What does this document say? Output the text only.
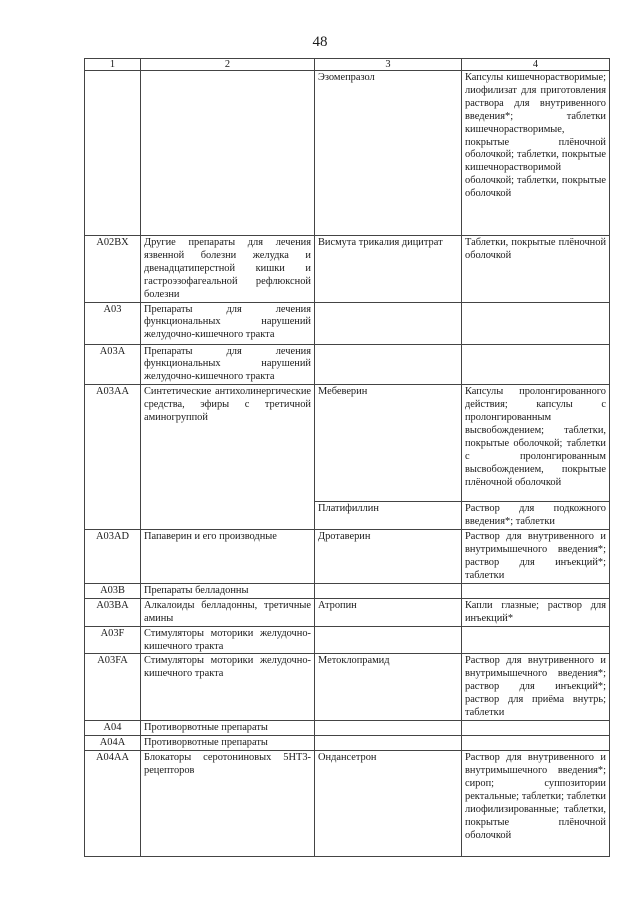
48
1	2	3	4
		Эзомепразол	Капсулы кишечнорастворимые; лиофилизат для приготовления раствора для внутривенного введения*; таблетки кишечнорастворимые, покрытые плёночной оболочкой; таблетки, покрытые кишечнорастворимой оболочкой; таблетки, покрытые оболочкой
A02BX	Другие препараты для лечения язвенной болезни желудка и двенадцатиперстной кишки и гастроэзофагеальной рефлюксной болезни	Висмута трикалия дицитрат	Таблетки, покрытые плёночной оболочкой
A03	Препараты для лечения функциональных нарушений желудочно-кишечного тракта		
A03A	Препараты для лечения функциональных нарушений желудочно-кишечного тракта		
A03AA	Синтетические антихолинергические средства, эфиры с третичной аминогруппой	Мебеверин	Капсулы пролонгированного действия; капсулы с пролонгированным высвобождением; таблетки, покрытые оболочкой; таблетки с пролонгированным высвобождением, покрытые плёночной оболочкой
		Платифиллин	Раствор для подкожного введения*; таблетки
A03AD	Папаверин и его производные	Дротаверин	Раствор для внутривенного и внутримышечного введения*; раствор для инъекций*; таблетки
A03B	Препараты белладонны		
A03BA	Алкалоиды белладонны, третичные амины	Атропин	Капли глазные; раствор для инъекций*
A03F	Стимуляторы моторики желудочно-кишечного тракта		
A03FA	Стимуляторы моторики желудочно-кишечного тракта	Метоклопрамид	Раствор для внутривенного и внутримышечного введения*; раствор для инъекций*; раствор для приёма внутрь; таблетки
A04	Противорвотные препараты		
A04A	Противорвотные препараты		
A04AA	Блокаторы серотониновых 5HT3-рецепторов	Ондансетрон	Раствор для внутривенного и внутримышечного введения*; сироп; суппозитории ректальные; таблетки; таблетки лиофилизированные; таблетки, покрытые плёночной оболочкой
